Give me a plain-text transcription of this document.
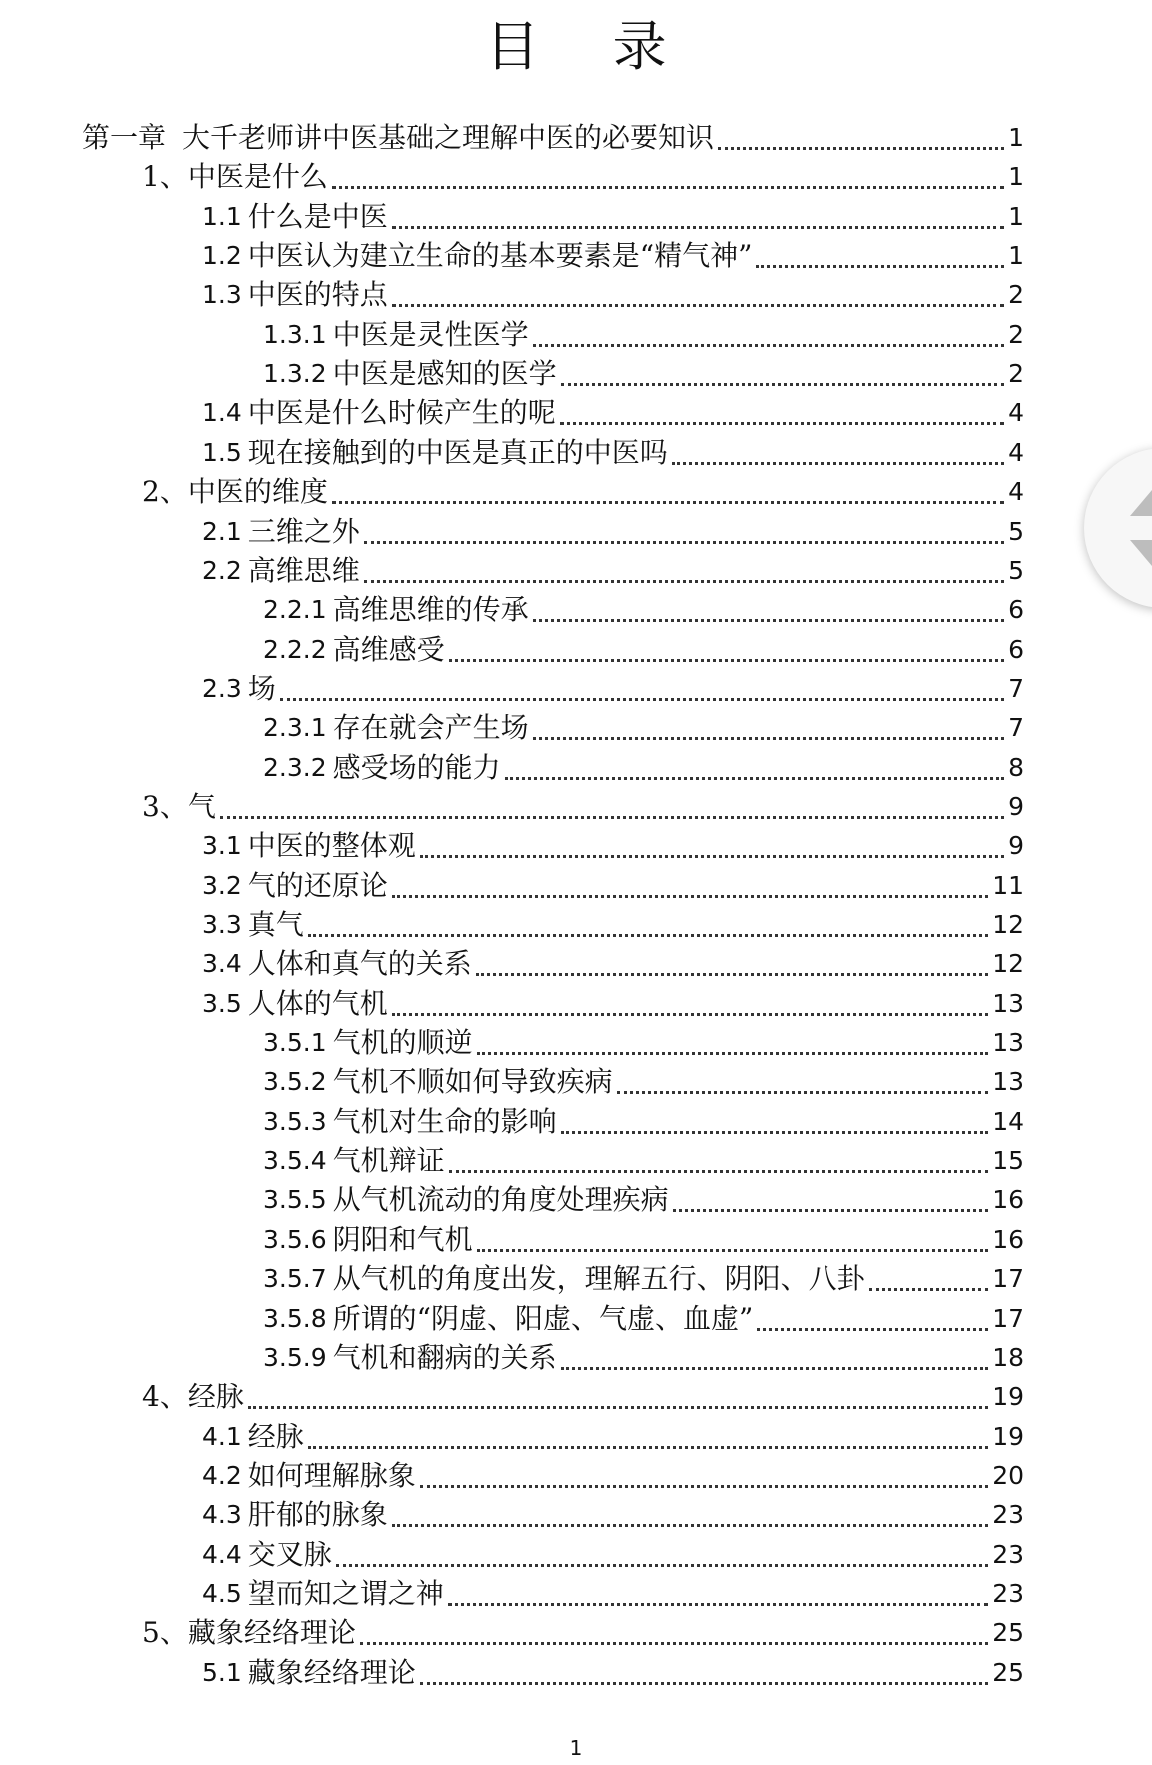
目 录
第一章 大千老师讲中医基础之理解中医的必要知识	1
1、 中医是什么	1
1.1 什么是中医	1
1.2 中医认为建立生命的基本要素是“精气神”	1
1.3 中医的特点	2
1.3.1 中医是灵性医学	2
1.3.2 中医是感知的医学	2
1.4 中医是什么时候产生的呢	4
1.5 现在接触到的中医是真正的中医吗	4
2、 中医的维度	4
2.1 三维之外	5
2.2 高维思维	5
2.2.1 高维思维的传承	6
2.2.2 高维感受	6
2.3 场	7
2.3.1 存在就会产生场	7
2.3.2 感受场的能力	8
3、 气	9
3.1 中医的整体观	9
3.2 气的还原论	11
3.3 真气	12
3.4 人体和真气的关系	12
3.5 人体的气机	13
3.5.1 气机的顺逆	13
3.5.2 气机不顺如何导致疾病	13
3.5.3 气机对生命的影响	14
3.5.4 气机辩证	15
3.5.5 从气机流动的角度处理疾病	16
3.5.6 阴阳和气机	16
3.5.7 从气机的角度出发，理解五行、阴阳、八卦	17
3.5.8 所谓的“阴虚、阳虚、气虚、血虚”	17
3.5.9 气机和翻病的关系	18
4、 经脉	19
4.1 经脉	19
4.2 如何理解脉象	20
4.3 肝郁的脉象	23
4.4 交叉脉	23
4.5 望而知之谓之神	23
5、 藏象经络理论	25
5.1 藏象经络理论	25
1
